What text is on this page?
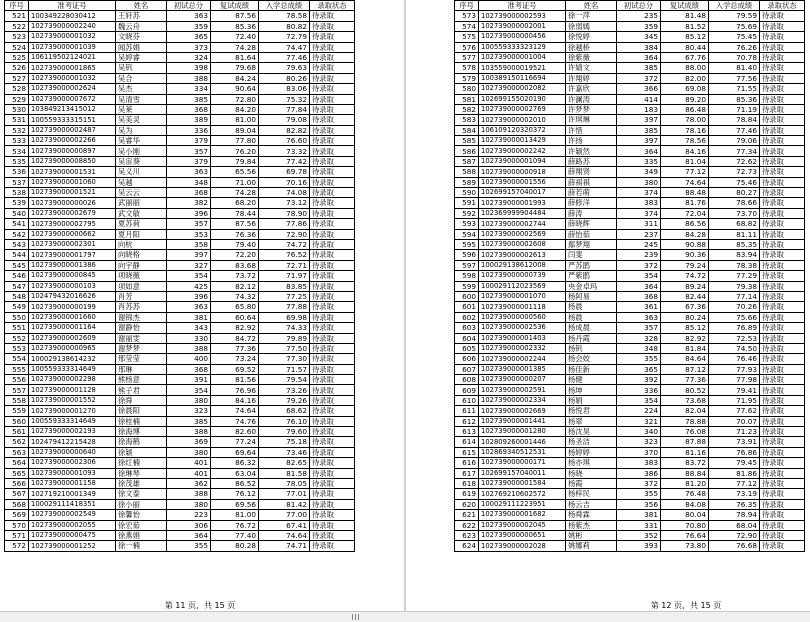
序号	准考证号	姓名	初试总分	复试成绩	入学总成绩	录取状态
521	100349228030412	王轩苏	363	87.56	78.58	待录取
522	102739000002240	魏云舟	359	85.36	80.82	待录取
523	102739000001032	文晓芬	365	72.40	72.79	待录取
524	102739000001039	闻苏娟	373	74.28	74.47	待录取
525	106119502124021	吴婷睿	324	81.64	77.46	待录取
526	102739000001865	吴钒	398	79.68	79.63	待录取
527	102739000001032	吴合	388	84.24	80.26	待录取
528	102739000002624	吴杰	334	90.64	83.06	待录取
529	102739000007672	吴清雪	385	72.80	75.32	待录取
530	103849213415012	吴莱	368	84.20	77.84	待录取
531	100559333315151	吴美灵	389	81.00	79.08	待录取
532	102739000002487	吴为	336	89.04	82.82	待录取
533	102739000002266	吴睿华	379	77.80	76.60	待录取
534	102739000000897	吴小刚	357	76.20	73.32	待录取
535	102739000008850	吴宙葵	379	79.84	77.42	待录取
536	102739000001531	吴义川	363	65.56	69.78	待录取
537	102739000001060	吴越	348	71.00	70.16	待录取
538	102739000001521	吴云云	368	74.28	74.08	待录取
539	102739000000026	武丽丽	382	68.20	73.12	待录取
540	102739000002679	武文敏	396	78.44	78.90	待录取
541	102739000002795	夏苏荷	357	87.56	77.86	待录取
542	102739000000662	夏月阳	353	76.36	72.90	待录取
543	102739000002301	向杭	358	79.40	74.72	待录取
544	102739000001797	向晓格	397	72.20	76.52	待录取
545	102739000001386	向宇静	327	83.68	72.71	待录取
546	102739000000845	项晓薇	354	73.72	71.97	待录取
547	102739000000103	项如意	425	82.12	83.85	待录取
548	102479432016626	肖芳	396	74.32	77.25	待录取
549	102739000000199	肖苏苏	363	65.80	77.88	待录取
550	102739000001660	谢锦杰	381	60.64	69.98	待录取
551	102739000001164	谢静怡	343	82.92	74.33	待录取
552	102739000002609	谢丽雯	330	84.72	79.89	待录取
553	102739000000965	谢梦梦	388	77.36	77.50	待录取
554	100029138614232	邢莹莹	400	73.24	77.30	待录取
555	100559333314649	邢琳	368	69.52	71.57	待录取
556	102739000002298	熊杨意	391	81.56	79.54	待录取
557	102739000001128	熊子君	354	76.96	73.26	待录取
558	102739000001552	徐舜	380	84.16	79.26	待录取
559	102739000001270	徐晨阳	323	74.64	68.62	待录取
560	100559333314649	徐桂楠	385	74.76	76.10	待录取
561	102739000002193	徐海博	388	82.60	79.60	待录取
562	102479412215428	徐海鹤	369	77.24	75.18	待录取
563	102739000000640	徐颖	380	69.64	73.46	待录取
564	102739000002306	徐红楠	401	86.32	82.65	待录取
565	102739000001093	徐琳琴	401	63.04	81.58	待录取
566	102739000001158	徐茂雄	362	86.52	78.05	待录取
567	102719210001349	徐文泰	388	76.12	77.01	待录取
568	100029111418351	徐小丽	380	69.56	81.42	待录取
569	102739000002549	徐馨怡	223	81.00	77.00	待录取
570	102739000002055	徐宏茹	306	76.72	67.41	待录取
571	102739000000475	徐燕娟	364	77.40	74.64	待录取
572	102739000001252	徐一楠	355	80.28	74.71	待录取
第 11 页，共 15 页
序号	准考证号	姓名	初试总分	复试成绩	入学总成绩	录取状态
573	102739000002593	徐一萍	235	81.48	79.59	待录取
574	102739000002001	徐弱嫣	359	81.52	75.69	待录取
575	102739000000456	徐悦婷	345	85.12	75.45	待录取
576	100559333323129	徐越桥	384	80.44	76.26	待录取
577	102739000001004	徐紫薇	364	67.76	70.78	待录取
578	103559000019521	许婧文	385	88.00	81.40	待录取
579	100389150116694	许翔婷	372	82.00	77.56	待录取
580	102739000002082	许嘉欣	366	69.08	71.55	待录取
581	102699155020190	许澜涛	414	89.20	85.36	待录取
582	102739000002769	许梦梦	183	86.48	71.19	待录取
583	102739000002010	许琪琳	397	78.00	78.84	待录取
584	106109120320372	许惜	385	78.16	77.46	待录取
585	102739000013429	许扬	397	78.56	79.06	待录取
586	102739000002242	许颖然	364	84.16	77.34	待录取
587	102739000001094	薛路苏	335	81.04	72.62	待录取
588	102739000000918	薛翔贤	349	77.12	72.73	待录取
589	102739000001556	薛祺祺	380	74.64	75.46	待录取
590	102699157040017	薛若萌	374	88.48	80.27	待录取
591	102739000001993	薛修洋	383	81.76	78.66	待录取
592	102369999904484	薛涛	374	72.04	73.70	待录取
593	102739000002744	薛晓辉	311	86.56	68.82	待录取
594	102739000002569	薛怡茹	237	84.28	81.11	待录取
595	102739000002608	鄢梦翔	245	90.88	85.35	待录取
596	102739000002613	闫斐	239	90.36	83.94	待录取
597	100029138612008	严苏鹃	372	79.24	78.38	待录取
598	102739000000739	严紫鹃	354	74.72	77.29	待录取
599	100029112023569	央金卓玛	364	89.24	79.38	待录取
600	102739000001070	杨阿易	368	82.44	77.14	待录取
601	102739000001118	杨晨	361	67.36	70.26	待录取
602	102739000000560	杨晨	363	80.24	75.66	待录取
603	102739000002536	杨成晨	357	85.12	76.89	待录取
604	102739000001403	杨丹霞	328	82.92	72.53	待录取
605	102739000002332	杨钒	348	81.84	74.50	待录取
606	102739000002244	杨会姣	355	84.64	76.46	待录取
607	102739000001385	杨佳新	365	87.12	77.93	待录取
608	102739000000207	杨健	392	77.36	77.98	待录取
609	102739000002591	杨坤	336	80.52	79.41	待录取
610	102739000002334	杨娟	354	73.68	71.95	待录取
611	102739000002669	杨悦君	224	82.04	77.62	待录取
612	102739000001441	杨翠	321	78.88	70.07	待录取
613	102739000001280	杨沈昊	340	76.08	71.23	待录取
614	102809260001446	杨圣洁	323	87.88	73.91	待录取
615	102869340512531	杨婷婷	370	81.16	76.86	待录取
616	102739000000171	杨亦琪	383	83.72	79.45	待录取
617	102699157040011	杨晓	386	88.84	81.86	待录取
618	102739000001584	杨霞	372	81.20	77.12	待录取
619	102769210602572	杨梓民	355	76.48	73.19	待录取
620	100029111223951	杨云吉	356	84.08	76.35	待录取
621	102739000001682	杨舜霖	381	80.04	78.94	待录取
622	102739000002045	杨紫杰	331	70.80	68.04	待录取
623	102739000000651	姚彬	352	76.64	72.90	待录取
624	102739000002028	姚娜莉	393	73.80	76.68	待录取
第 12 页，共 15 页
